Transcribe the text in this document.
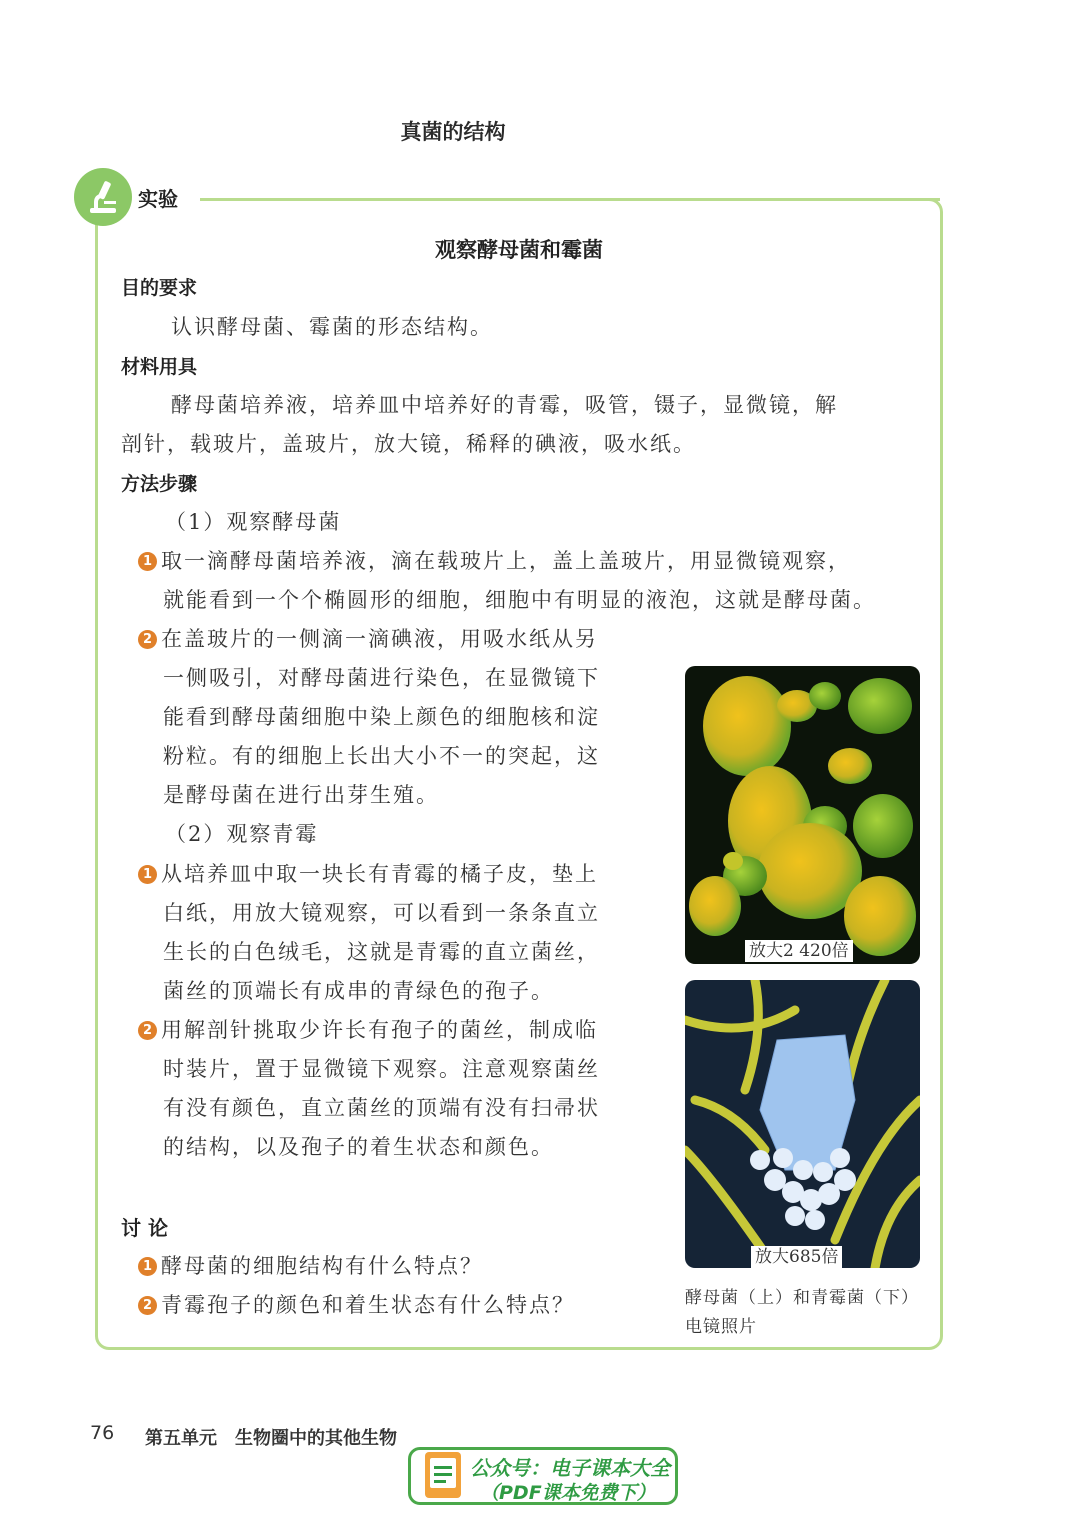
真菌的结构
实验
观察酵母菌和霉菌
目的要求
认识酵母菌、霉菌的形态结构。
材料用具
酵母菌培养液，培养皿中培养好的青霉，吸管，镊子，显微镜，解
剖针，载玻片，盖玻片，放大镜，稀释的碘液，吸水纸。
方法步骤
（1）观察酵母菌
1 取一滴酵母菌培养液，滴在载玻片上，盖上盖玻片，用显微镜观察，
就能看到一个个椭圆形的细胞，细胞中有明显的液泡，这就是酵母菌。
2 在盖玻片的一侧滴一滴碘液，用吸水纸从另
一侧吸引，对酵母菌进行染色，在显微镜下
能看到酵母菌细胞中染上颜色的细胞核和淀
粉粒。有的细胞上长出大小不一的突起，这
是酵母菌在进行出芽生殖。
（2）观察青霉
1 从培养皿中取一块长有青霉的橘子皮，垫上
白纸，用放大镜观察，可以看到一条条直立
生长的白色绒毛，这就是青霉的直立菌丝，
菌丝的顶端长有成串的青绿色的孢子。
2 用解剖针挑取少许长有孢子的菌丝，制成临
时装片，置于显微镜下观察。注意观察菌丝
有没有颜色，直立菌丝的顶端有没有扫帚状
的结构，以及孢子的着生状态和颜色。
讨 论
1 酵母菌的细胞结构有什么特点？
2 青霉孢子的颜色和着生状态有什么特点？
放大2 420倍
放大685倍
酵母菌（上）和青霉菌（下）
电镜照片
76 第五单元　生物圈中的其他生物
公众号：电子课本大全
（PDF课本免费下）
